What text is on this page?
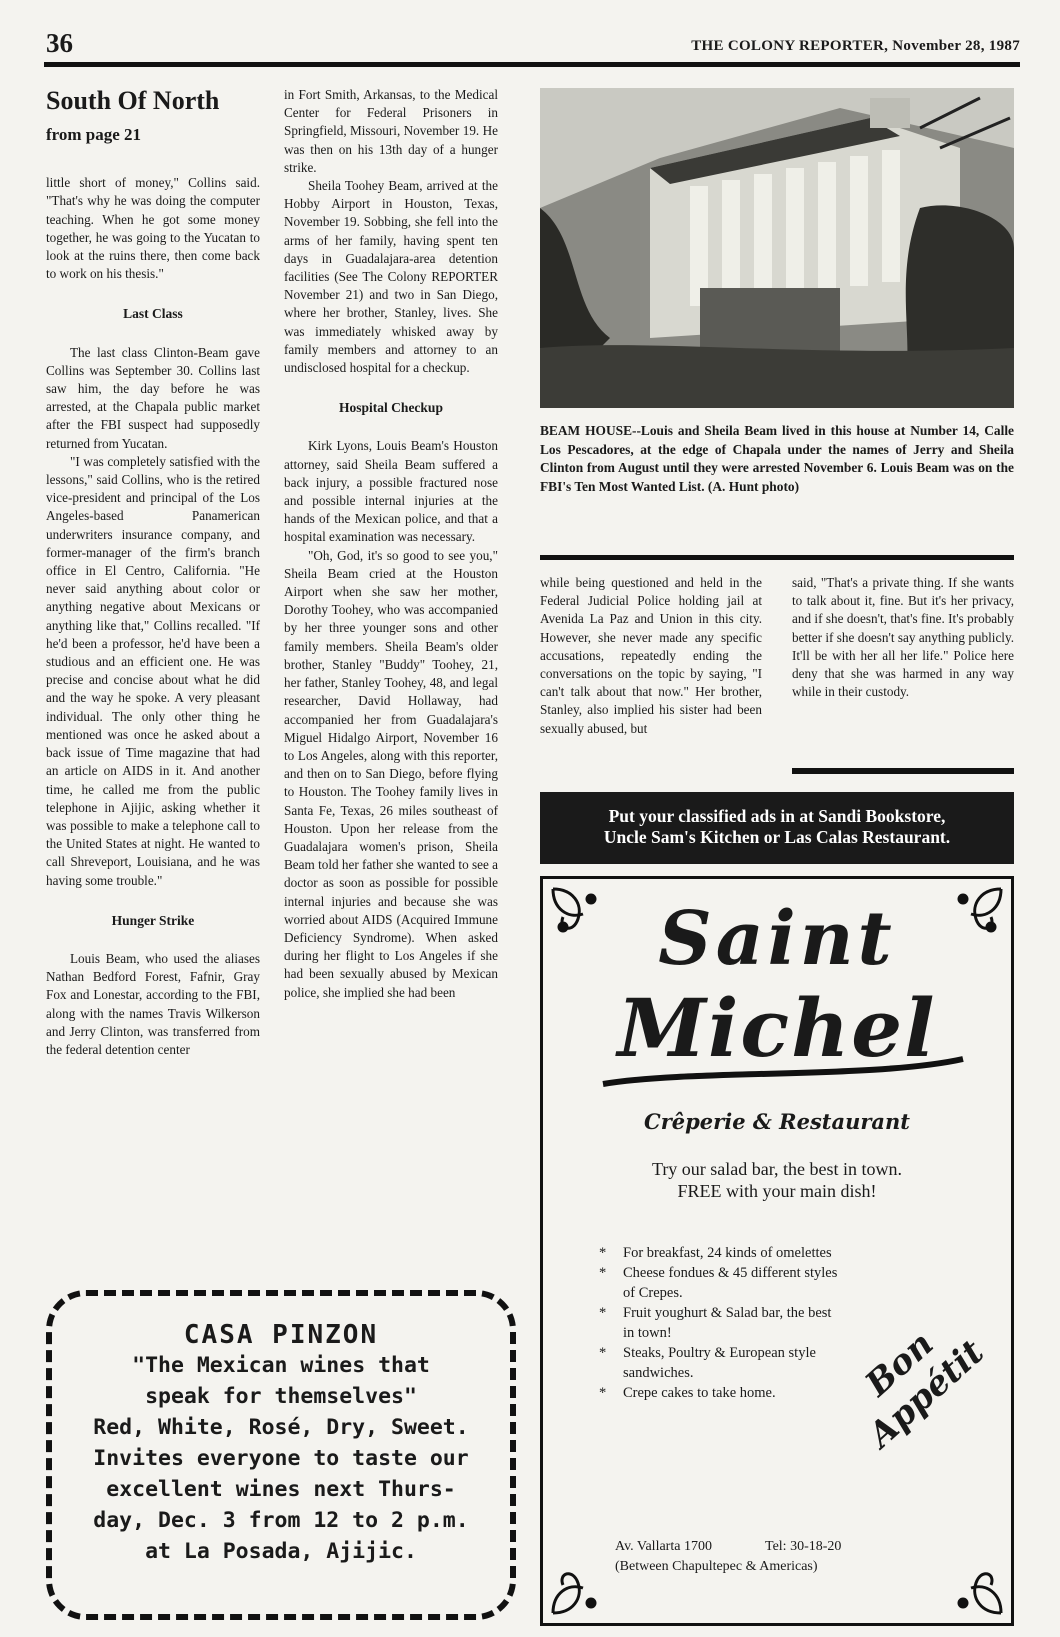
36	THE COLONY REPORTER, November 28, 1987
South Of North
from page 21

little short of money," Collins said. "That's why he was doing the computer teaching. When he got some money together, he was going to the Yucatan to look at the ruins there, then come back to work on his thesis."

Last Class

The last class Clinton-Beam gave Collins was September 30. Collins last saw him, the day before he was arrested, at the Chapala public market after the FBI suspect had supposedly returned from Yucatan.

"I was completely satisfied with the lessons," said Collins, who is the retired vice-president and principal of the Los Angeles-based Panamerican underwriters insurance company, and former-manager of the firm's branch office in El Centro, California. "He never said anything about color or anything negative about Mexicans or anything like that," Collins recalled. "If he'd been a professor, he'd have been a studious and an efficient one. He was precise and concise about what he did and the way he spoke. A very pleasant individual. The only other thing he mentioned was once he asked about a back issue of Time magazine that had an article on AIDS in it. And another time, he called me from the public telephone in Ajijic, asking whether it was possible to make a telephone call to the United States at night. He wanted to call Shreveport, Louisiana, and he was having some trouble."

Hunger Strike

Louis Beam, who used the aliases Nathan Bedford Forest, Fafnir, Gray Fox and Lonestar, according to the FBI, along with the names Travis Wilkerson and Jerry Clinton, was transferred from the federal detention center

in Fort Smith, Arkansas, to the Medical Center for Federal Prisoners in Springfield, Missouri, November 19. He was then on his 13th day of a hunger strike.

Sheila Toohey Beam, arrived at the Hobby Airport in Houston, Texas, November 19. Sobbing, she fell into the arms of her family, having spent ten days in Guadalajara-area detention facilities (See The Colony REPORTER November 21) and two in San Diego, where her brother, Stanley, lives. She was immediately whisked away by family members and attorney to an undisclosed hospital for a checkup.

Hospital Checkup

Kirk Lyons, Louis Beam's Houston attorney, said Sheila Beam suffered a back injury, a possible fractured nose and possible internal injuries at the hands of the Mexican police, and that a hospital examination was necessary.

"Oh, God, it's so good to see you," Sheila Beam cried at the Houston Airport when she saw her mother, Dorothy Toohey, who was accompanied by her three younger sons and other family members. Sheila Beam's older brother, Stanley "Buddy" Toohey, 21, her father, Stanley Toohey, 48, and legal researcher, David Hollaway, had accompanied her from Guadalajara's Miguel Hidalgo Airport, November 16 to Los Angeles, along with this reporter, and then on to San Diego, before flying to Houston. The Toohey family lives in Santa Fe, Texas, 26 miles southeast of Houston. Upon her release from the Guadalajara women's prison, Sheila Beam told her father she wanted to see a doctor as soon as possible for possible internal injuries and because she was worried about AIDS (Acquired Immune Deficiency Syndrome). When asked during her flight to Los Angeles if she had been sexually abused by Mexican police, she implied she had been

BEAM HOUSE--Louis and Sheila Beam lived in this house at Number 14, Calle Los Pescadores, at the edge of Chapala under the names of Jerry and Sheila Clinton from August until they were arrested November 6. Louis Beam was on the FBI's Ten Most Wanted List. (A. Hunt photo)

while being questioned and held in the Federal Judicial Police holding jail at Avenida La Paz and Union in this city. However, she never made any specific accusations, repeatedly ending the conversations on the topic by saying, "I can't talk about that now." Her brother, Stanley, also implied his sister had been sexually abused, but

said, "That's a private thing. If she wants to talk about it, fine. But it's her privacy, and if she doesn't, that's fine. It's probably better if she doesn't say anything publicly. It'll be with her all her life." Police here deny that she was harmed in any way while in their custody.

Put your classified ads in at Sandi Bookstore,
Uncle Sam's Kitchen or Las Calas Restaurant.
Saint
Michel
Crêperie & Restaurant
Try our salad bar, the best in town.
FREE with your main dish!
* For breakfast, 24 kinds of omelettes
* Cheese fondues & 45 different styles of Crepes.
* Fruit youghurt & Salad bar, the best in town!
* Steaks, Poultry & European style sandwiches.
* Crepe cakes to take home.	Bon Appétit
Av. Vallarta 1700	Tel: 30-18-20
(Between Chapultepec & Americas)
CASA PINZON
"The Mexican wines that
speak for themselves"
Red, White, Rosé, Dry, Sweet.
Invites everyone to taste our
excellent wines next Thurs-
day, Dec. 3 from 12 to 2 p.m.
at La Posada, Ajijic.
